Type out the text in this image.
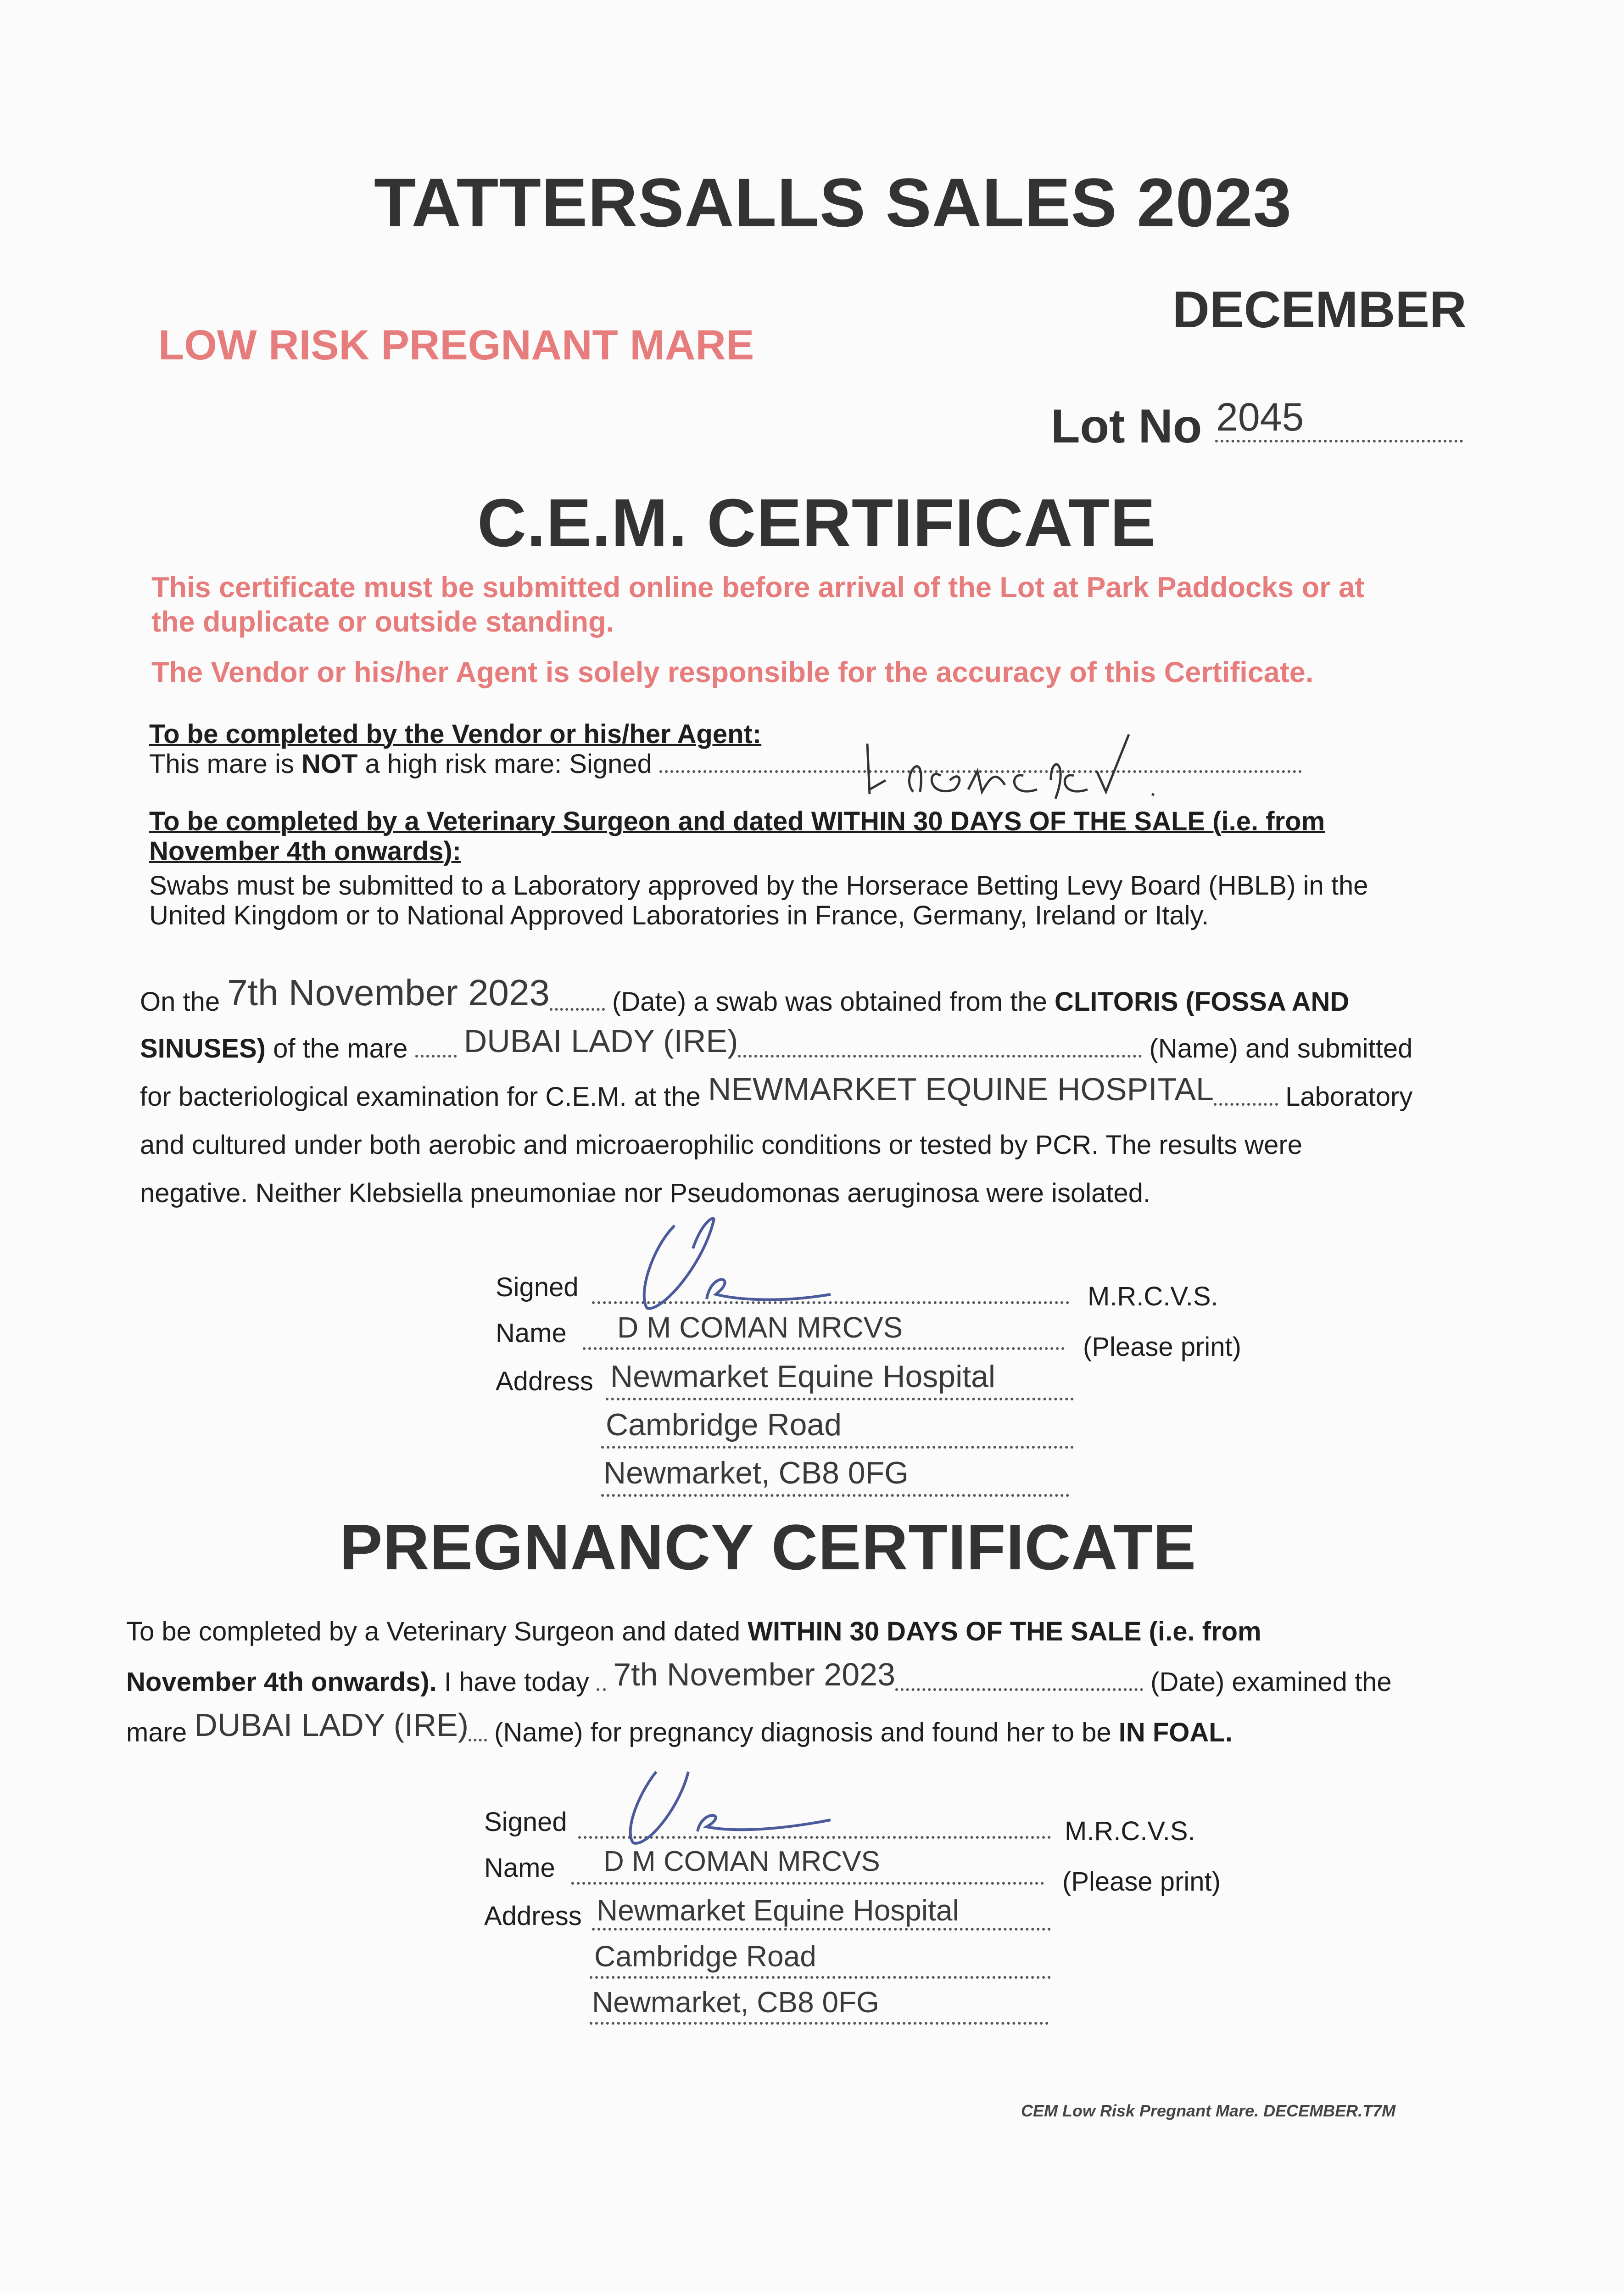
TATTERSALLS SALES 2023
DECEMBER
LOW RISK PREGNANT MARE
Lot No 2045
C.E.M. CERTIFICATE
This certificate must be submitted online before arrival of the Lot at Park Paddocks or at
the duplicate or outside standing.
The Vendor or his/her Agent is solely responsible for the accuracy of this Certificate.
To be completed by the Vendor or his/her Agent:
This mare is NOT a high risk mare: Signed
To be completed by a Veterinary Surgeon and dated WITHIN 30 DAYS OF THE SALE (i.e. from
November 4th onwards):
Swabs must be submitted to a Laboratory approved by the Horserace Betting Levy Board (HBLB) in the
United Kingdom or to National Approved Laboratories in France, Germany, Ireland or Italy.
On the 7th November 2023 (Date) a swab was obtained from the CLITORIS (FOSSA AND
SINUSES) of the mare DUBAI LADY (IRE)	(Name) and submitted
for bacteriological examination for C.E.M. at the NEWMARKET EQUINE HOSPITAL	Laboratory
and cultured under both aerobic and microaerophilic conditions or tested by PCR. The results were
negative. Neither Klebsiella pneumoniae nor Pseudomonas aeruginosa were isolated.
Signed	M.R.C.V.S.
Name D M COMAN MRCVS
(Please print)
Address Newmarket Equine Hospital
Cambridge Road
Newmarket, CB8 0FG
PREGNANCY CERTIFICATE
To be completed by a Veterinary Surgeon and dated WITHIN 30 DAYS OF THE SALE (i.e. from
November 4th onwards). I have today 7th November 2023	(Date) examined the
mare DUBAI LADY (IRE) (Name) for pregnancy diagnosis and found her to be IN FOAL.
Signed	M.R.C.V.S.
Name D M COMAN MRCVS
(Please print)
Address Newmarket Equine Hospital
Cambridge Road
Newmarket, CB8 0FG
CEM Low Risk Pregnant Mare. DECEMBER.T7M
